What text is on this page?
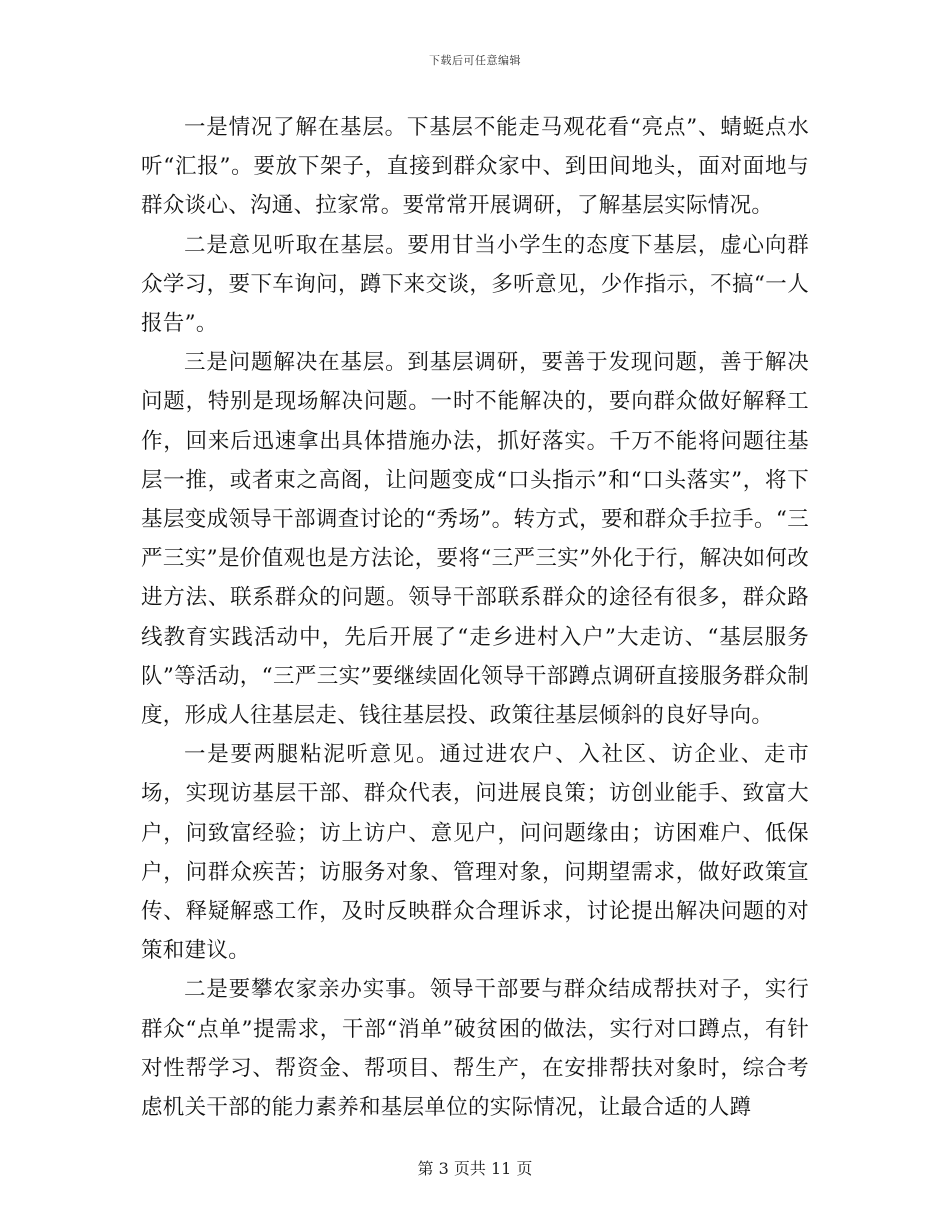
下载后可任意编辑

一是情况了解在基层。下基层不能走马观花看“亮点”、蜻蜓点水听“汇报”。要放下架子，直接到群众家中、到田间地头，面对面地与群众谈心、沟通、拉家常。要常常开展调研，了解基层实际情况。

二是意见听取在基层。要用甘当小学生的态度下基层，虚心向群众学习，要下车询问，蹲下来交谈，多听意见，少作指示，不搞“一人报告”。

三是问题解决在基层。到基层调研，要善于发现问题，善于解决问题，特别是现场解决问题。一时不能解决的，要向群众做好解释工作，回来后迅速拿出具体措施办法，抓好落实。千万不能将问题往基层一推，或者束之高阁，让问题变成“口头指示”和“口头落实”，将下基层变成领导干部调查讨论的“秀场”。转方式，要和群众手拉手。“三严三实”是价值观也是方法论，要将“三严三实”外化于行，解决如何改进方法、联系群众的问题。领导干部联系群众的途径有很多，群众路线教育实践活动中，先后开展了“走乡进村入户”大走访、“基层服务队”等活动，“三严三实”要继续固化领导干部蹲点调研直接服务群众制度，形成人往基层走、钱往基层投、政策往基层倾斜的良好导向。

一是要两腿粘泥听意见。通过进农户、入社区、访企业、走市场，实现访基层干部、群众代表，问进展良策；访创业能手、致富大户，问致富经验；访上访户、意见户，问问题缘由；访困难户、低保户，问群众疾苦；访服务对象、管理对象，问期望需求，做好政策宣传、释疑解惑工作，及时反映群众合理诉求，讨论提出解决问题的对策和建议。

二是要攀农家亲办实事。领导干部要与群众结成帮扶对子，实行群众“点单”提需求，干部“消单”破贫困的做法，实行对口蹲点，有针对性帮学习、帮资金、帮项目、帮生产，在安排帮扶对象时，综合考虑机关干部的能力素养和基层单位的实际情况，让最合适的人蹲

第 3 页共 11 页
